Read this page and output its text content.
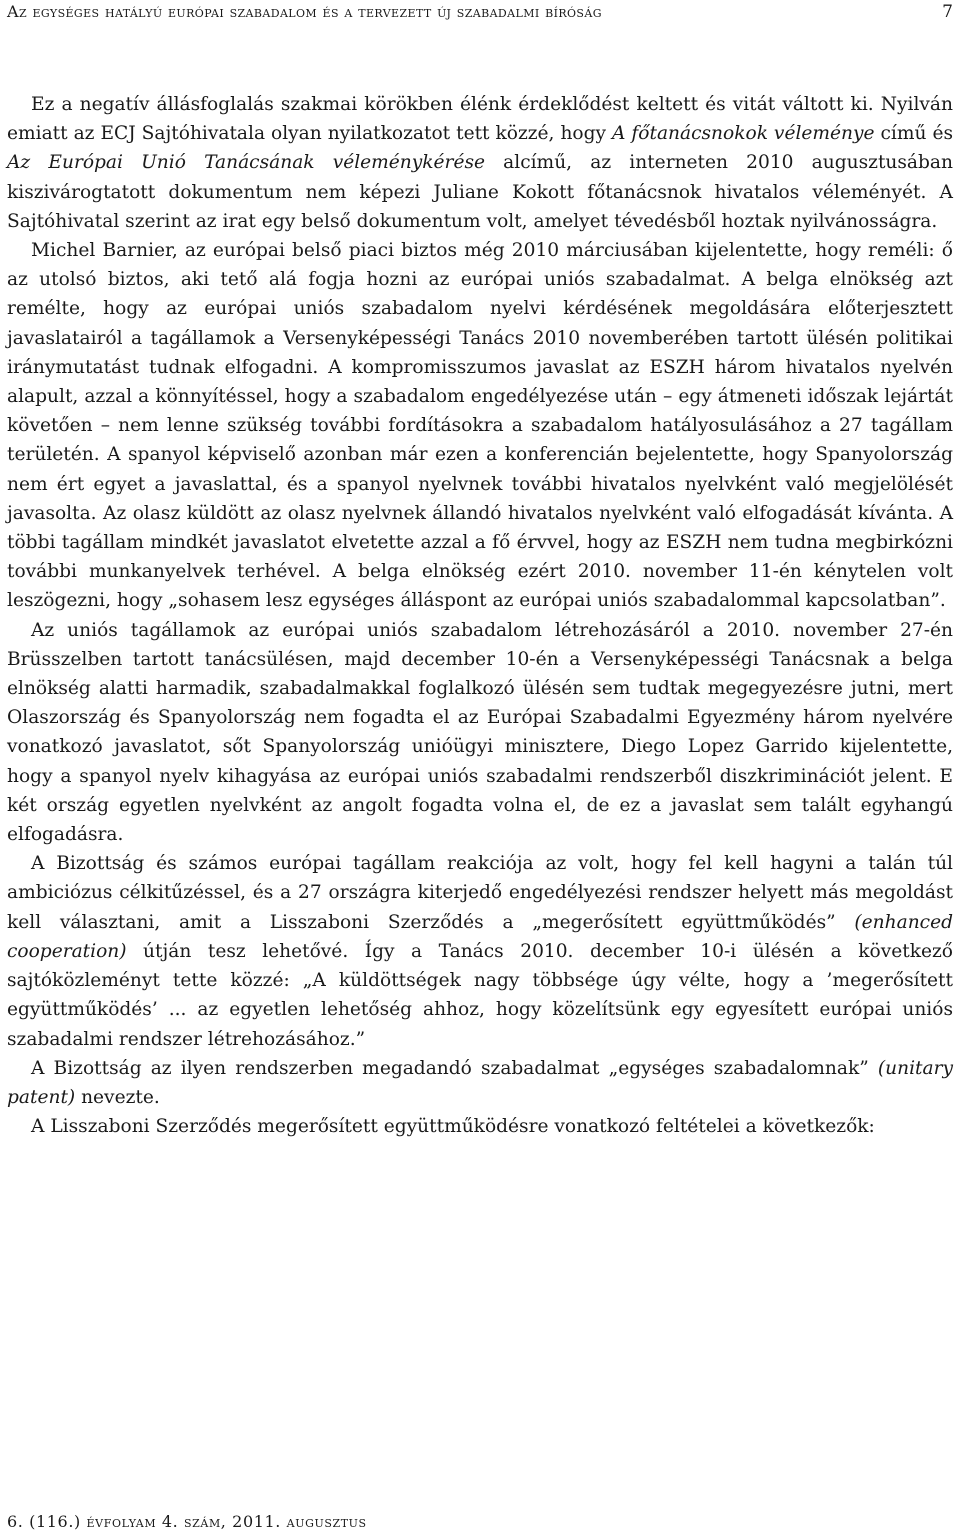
Az egységes hatályú európai szabadalom és a tervezett új szabadalmi bíróság	7

Ez a negatív állásfoglalás szakmai körökben élénk érdeklődést keltett és vitát váltott ki. Nyilván emiatt az ECJ Sajtóhivatala olyan nyilatkozatot tett közzé, hogy A főtanácsnokok véleménye című és Az Európai Unió Tanácsának véleménykérése alcímű, az interneten 2010 augusztusában kiszivárogtatott dokumentum nem képezi Juliane Kokott főtanácsnok hivatalos véleményét. A Sajtóhivatal szerint az irat egy belső dokumentum volt, amelyet tévedésből hoztak nyilvánosságra.

Michel Barnier, az európai belső piaci biztos még 2010 márciusában kijelentette, hogy reméli: ő az utolsó biztos, aki tető alá fogja hozni az európai uniós szabadalmat. A belga elnökség azt remélte, hogy az európai uniós szabadalom nyelvi kérdésének megoldására előterjesztett javaslatairól a tagállamok a Versenyképességi Tanács 2010 novemberében tartott ülésén politikai iránymutatást tudnak elfogadni. A kompromisszumos javaslat az ESZH három hivatalos nyelvén alapult, azzal a könnyítéssel, hogy a szabadalom engedélyezése után – egy átmeneti időszak lejártát követően – nem lenne szükség további fordításokra a szabadalom hatályosulásához a 27 tagállam területén. A spanyol képviselő azonban már ezen a konferencián bejelentette, hogy Spanyolország nem ért egyet a javaslattal, és a spanyol nyelvnek további hivatalos nyelvként való megjelölését javasolta. Az olasz küldött az olasz nyelvnek állandó hivatalos nyelvként való elfogadását kívánta. A többi tagállam mindkét javaslatot elvetette azzal a fő érvvel, hogy az ESZH nem tudna megbirkózni további munkanyelvek terhével. A belga elnökség ezért 2010. november 11-én kénytelen volt leszögezni, hogy „sohasem lesz egységes álláspont az európai uniós szabadalommal kapcsolatban”.

Az uniós tagállamok az európai uniós szabadalom létrehozásáról a 2010. november 27-én Brüsszelben tartott tanácsülésen, majd december 10-én a Versenyképességi Tanácsnak a belga elnökség alatti harmadik, szabadalmakkal foglalkozó ülésén sem tudtak megegyezésre jutni, mert Olaszország és Spanyolország nem fogadta el az Európai Szabadalmi Egyezmény három nyelvére vonatkozó javaslatot, sőt Spanyolország unióügyi minisztere, Diego Lopez Garrido kijelentette, hogy a spanyol nyelv kihagyása az európai uniós szabadalmi rendszerből diszkriminációt jelent. E két ország egyetlen nyelvként az angolt fogadta volna el, de ez a javaslat sem talált egyhangú elfogadásra.

A Bizottság és számos európai tagállam reakciója az volt, hogy fel kell hagyni a talán túl ambiciózus célkitűzéssel, és a 27 országra kiterjedő engedélyezési rendszer helyett más megoldást kell választani, amit a Lisszaboni Szerződés a „megerősített együttműködés” (enhanced cooperation) útján tesz lehetővé. Így a Tanács 2010. december 10-i ülésén a következő sajtóközleményt tette közzé: „A küldöttségek nagy többsége úgy vélte, hogy a ’megerősített együttműködés’ ... az egyetlen lehetőség ahhoz, hogy közelítsünk egy egyesített európai uniós szabadalmi rendszer létrehozásához.”

A Bizottság az ilyen rendszerben megadandó szabadalmat „egységes szabadalomnak” (unitary patent) nevezte.

A Lisszaboni Szerződés megerősített együttműködésre vonatkozó feltételei a következők:

6. (116.) évfolyam 4. szám, 2011. augusztus
